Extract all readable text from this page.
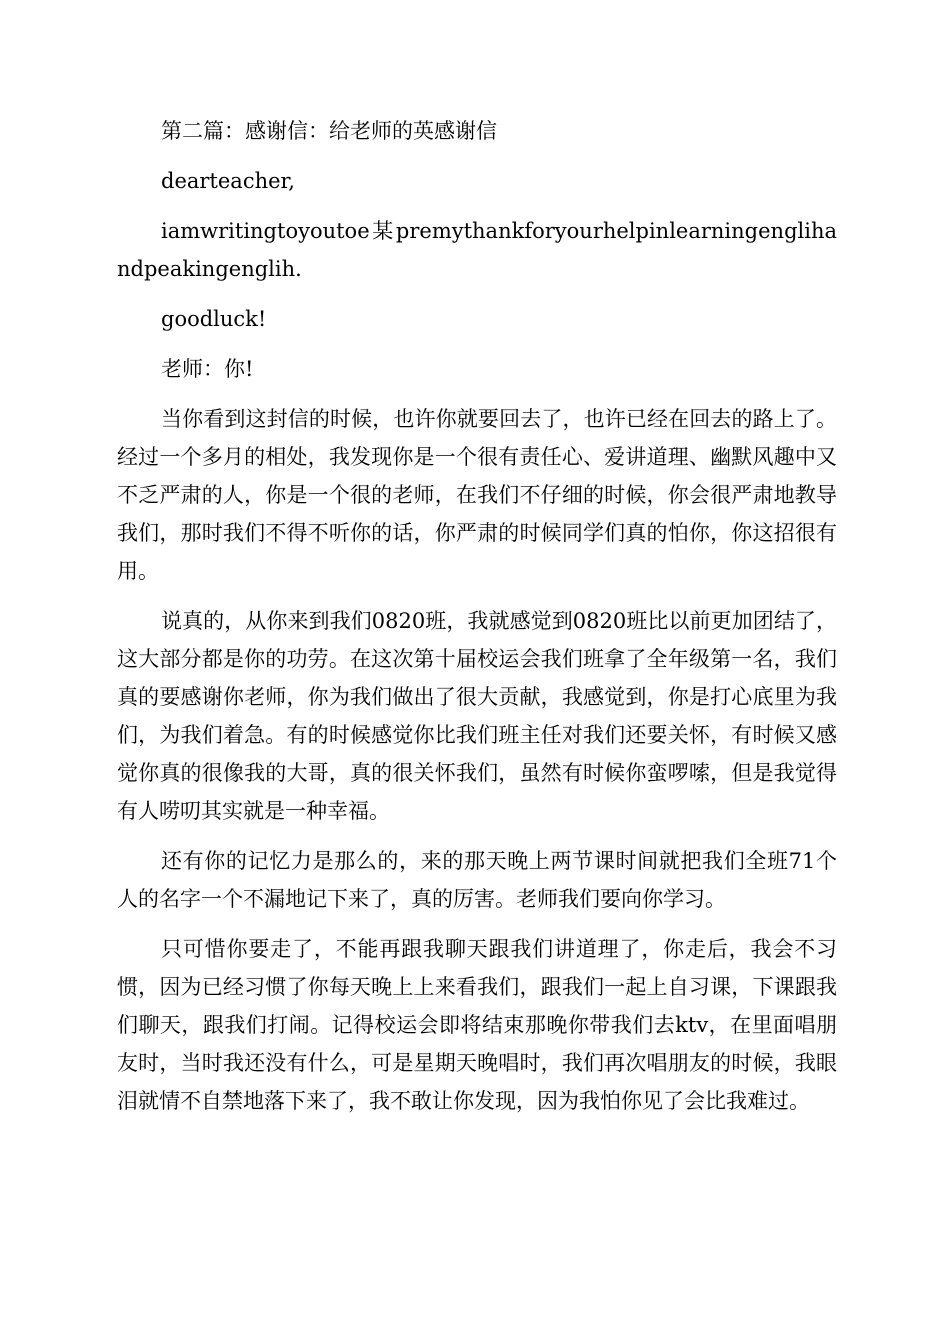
第二篇：感谢信：给老师的英感谢信

dearteacher,

iamwritingtoyoutoe某premythankforyourhelpinlearningenglihandpeakingenglih.

goodluck!

老师：你!

当你看到这封信的时候，也许你就要回去了，也许已经在回去的路上了。经过一个多月的相处，我发现你是一个很有责任心、爱讲道理、幽默风趣中又不乏严肃的人，你是一个很的老师，在我们不仔细的时候，你会很严肃地教导我们，那时我们不得不听你的话，你严肃的时候同学们真的怕你，你这招很有用。

说真的，从你来到我们0820班，我就感觉到0820班比以前更加团结了，这大部分都是你的功劳。在这次第十届校运会我们班拿了全年级第一名，我们真的要感谢你老师，你为我们做出了很大贡献，我感觉到，你是打心底里为我们，为我们着急。有的时候感觉你比我们班主任对我们还要关怀，有时候又感觉你真的很像我的大哥，真的很关怀我们，虽然有时候你蛮啰嗦，但是我觉得有人唠叨其实就是一种幸福。

还有你的记忆力是那么的，来的那天晚上两节课时间就把我们全班71个人的名字一个不漏地记下来了，真的厉害。老师我们要向你学习。

只可惜你要走了，不能再跟我聊天跟我们讲道理了，你走后，我会不习惯，因为已经习惯了你每天晚上上来看我们，跟我们一起上自习课，下课跟我们聊天，跟我们打闹。记得校运会即将结束那晚你带我们去ktv，在里面唱朋友时，当时我还没有什么，可是星期天晚唱时，我们再次唱朋友的时候，我眼泪就情不自禁地落下来了，我不敢让你发现，因为我怕你见了会比我难过。
